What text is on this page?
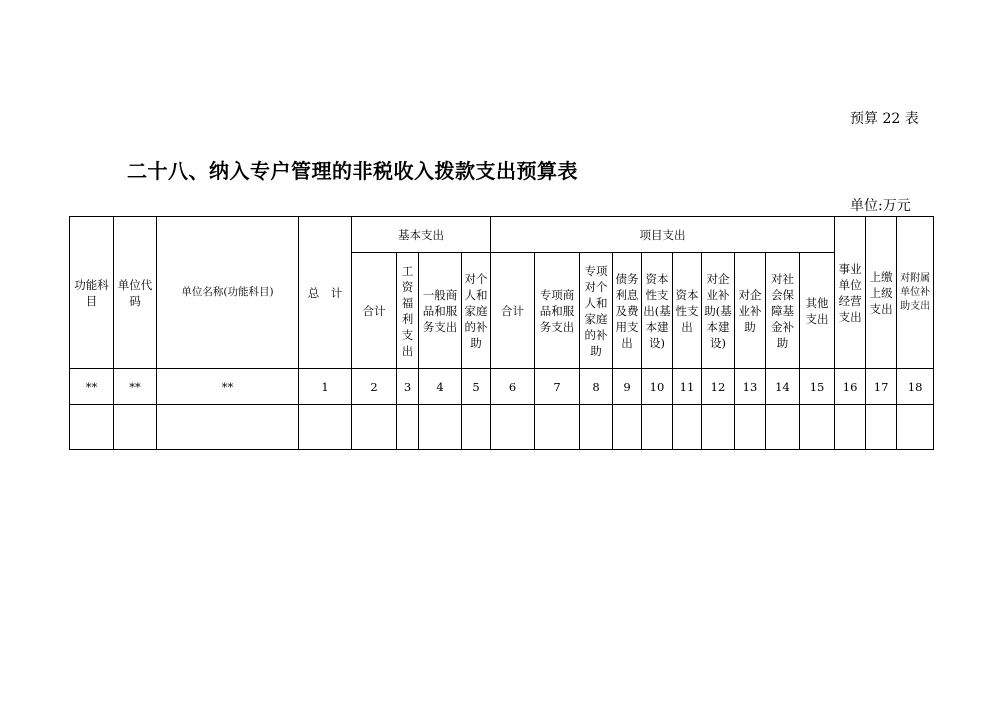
预算 22 表
二十八、纳入专户管理的非税收入拨款支出预算表
单位:万元
功能科目	单位代码	单位名称(功能科目)	总　计	基本支出				项目支出										事业单位经营支出	上缴上级支出	对附属单位补助支出
				合计	工资福利支出	一般商品和服务支出	对个人和家庭的补助	合计	专项商品和服务支出	专项对个人和家庭的补助	债务利息及费用支出	资本性支出(基本建设)	资本性支出	对企业补助(基本建设)	对企业补助	对社会保障基金补助	其他支出			
**	**	**	1	2	3	4	5	6	7	8	9	10	11	12	13	14	15	16	17	18
